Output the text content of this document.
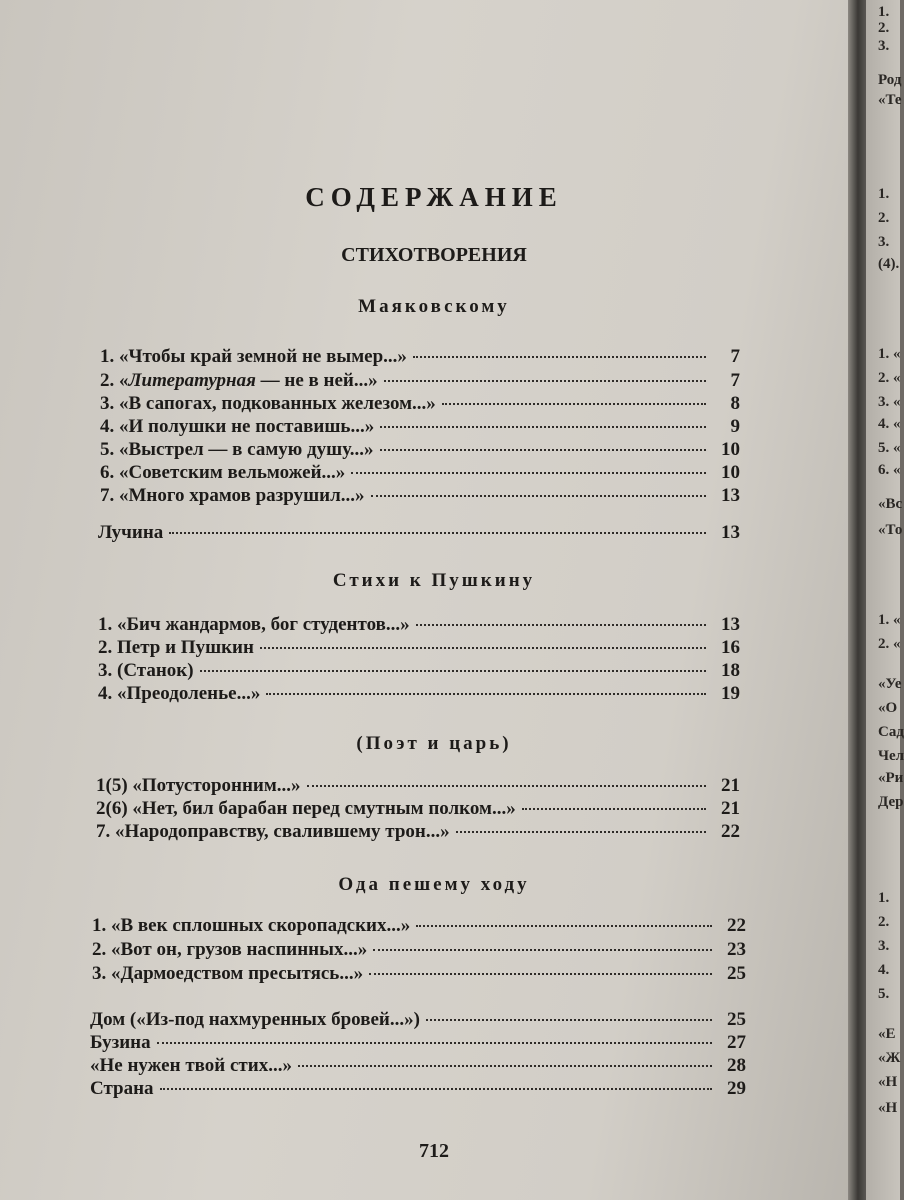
1.
2.
3.
Род
«Те
1.
2.
3.
(4).
1. «
2. «
3. «
4. «
5. «
6. «
«Вс
«То
1. «
2. «
«Уе
«О
Сад
Чел
«Ри
Дер
1.
2.
3.
4.
5.
«Е
«Ж
«Н
«Н
СОДЕРЖАНИЕ
СТИХОТВОРЕНИЯ
Маяковскому
Стихи к Пушкину
(Поэт и царь)
Ода пешему ходу
1. «Чтобы край земной не вымер...»	7
2. «Литературная — не в ней...»	7
3. «В сапогах, подкованных железом...»	8
4. «И полушки не поставишь...»	9
5. «Выстрел — в самую душу...»	10
6. «Советским вельможей...»	10
7. «Много храмов разрушил...»	13
Лучина	13
1. «Бич жандармов, бог студентов...»	13
2. Петр и Пушкин	16
3. (Станок)	18
4. «Преодоленье...»	19
1(5) «Потусторонним...»	21
2(6) «Нет, бил барабан перед смутным полком...»	21
7. «Народоправству, свалившему трон...»	22
1. «В век сплошных скоропадских...»	22
2. «Вот он, грузов наспинных...»	23
3. «Дармоедством пресытясь...»	25
Дом («Из-под нахмуренных бровей...»)	25
Бузина	27
«Не нужен твой стих...»	28
Страна	29
712
